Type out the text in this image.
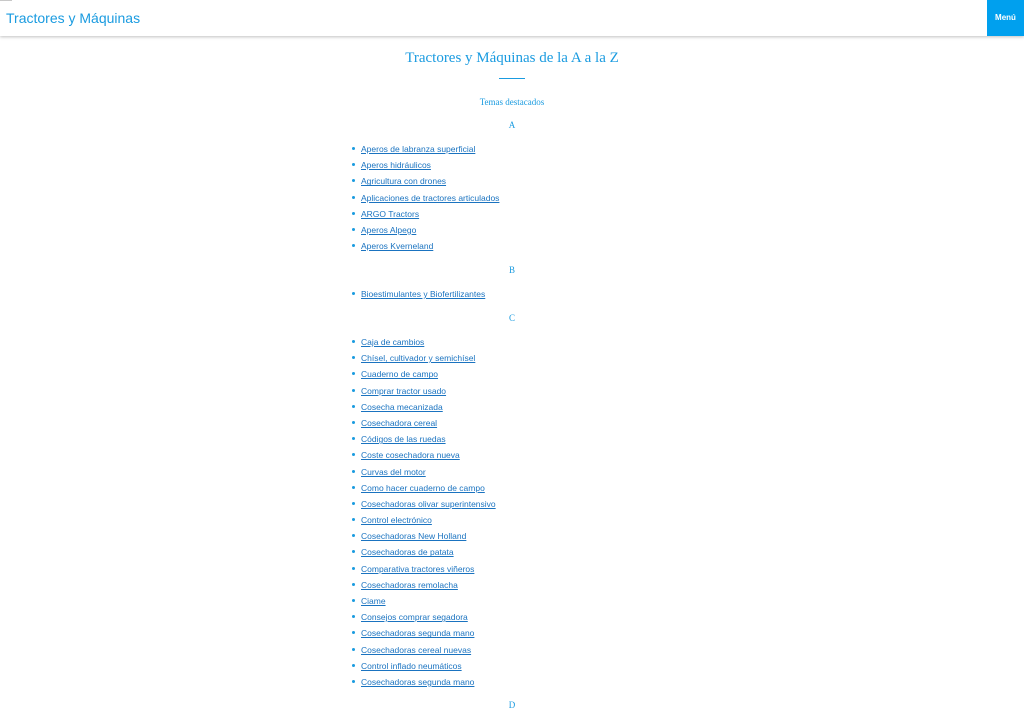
Tractores y Máquinas	Menú
Tractores y Máquinas de la A a la Z
Temas destacados
A
Aperos de labranza superficial
Aperos hidráulicos
Agricultura con drones
Aplicaciones de tractores articulados
ARGO Tractors
Aperos Alpego
Aperos Kverneland
B
Bioestimulantes y Biofertilizantes
C
Caja de cambios
Chísel, cultivador y semichísel
Cuaderno de campo
Comprar tractor usado
Cosecha mecanizada
Cosechadora cereal
Códigos de las ruedas
Coste cosechadora nueva
Curvas del motor
Como hacer cuaderno de campo
Cosechadoras olivar superintensivo
Control electrónico
Cosechadoras New Holland
Cosechadoras de patata
Comparativa tractores viñeros
Cosechadoras remolacha
Ciame
Consejos comprar segadora
Cosechadoras segunda mano
Cosechadoras cereal nuevas
Control inflado neumáticos
Cosechadoras segunda mano
D
